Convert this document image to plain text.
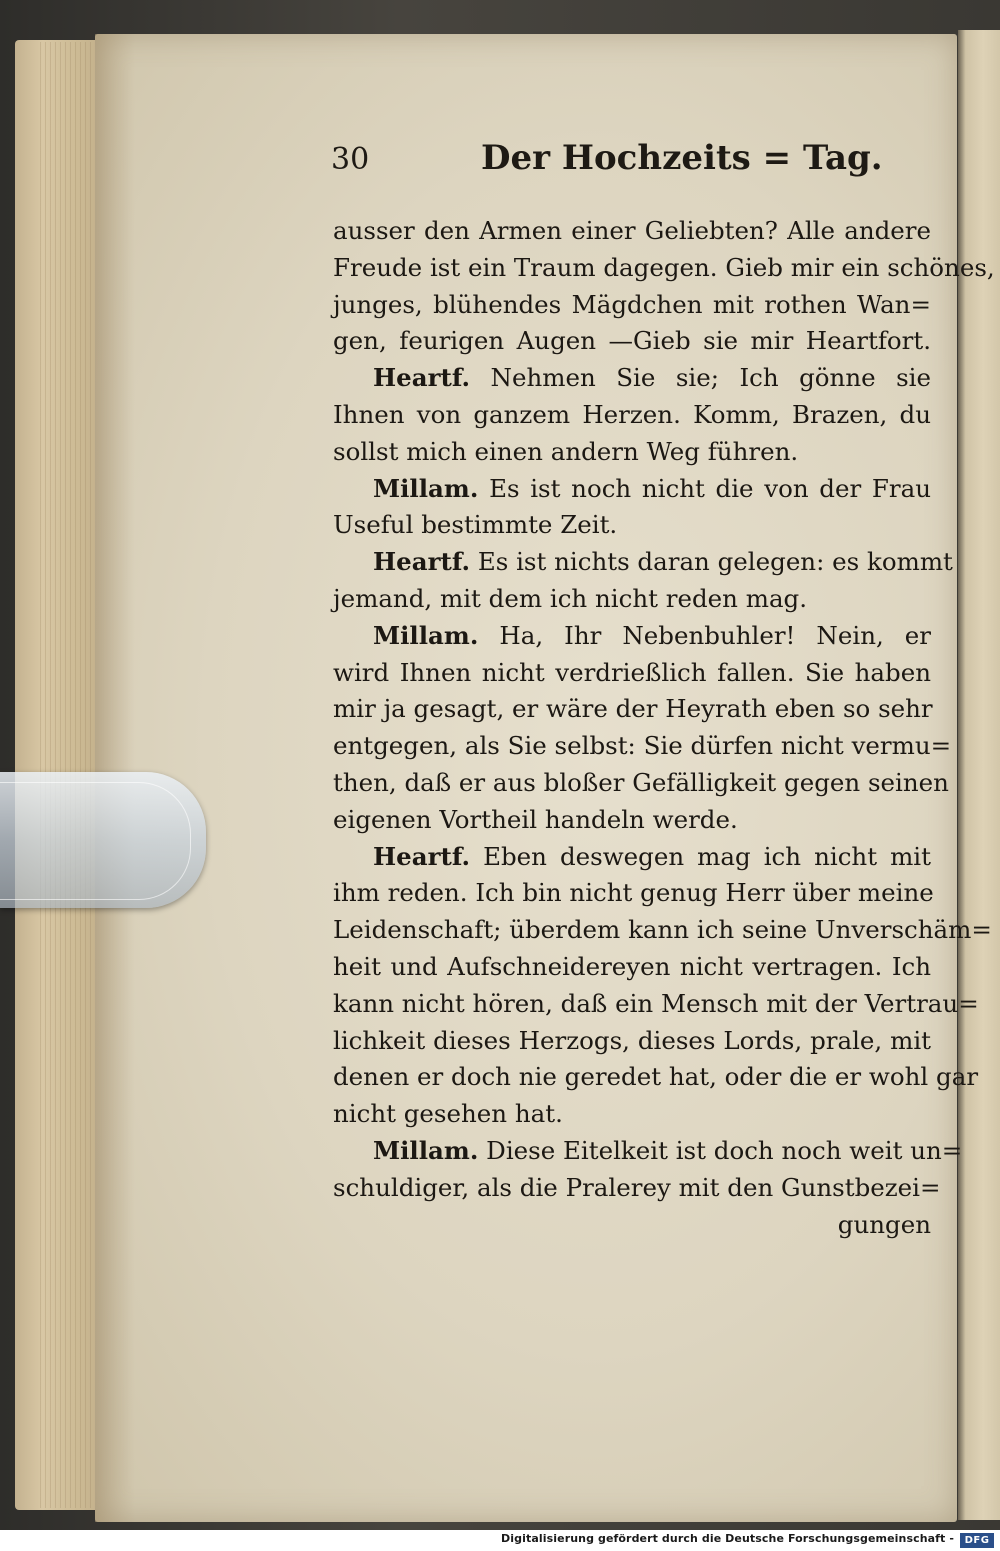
30	Der Hochzeits = Tag.
ausser den Armen einer Geliebten? Alle andere
Freude ist ein Traum dagegen. Gieb mir ein schönes,
junges, blühendes Mägdchen mit rothen Wan=
gen, feurigen Augen —Gieb sie mir Heartfort.
Heartf. Nehmen Sie sie; Ich gönne sie
Ihnen von ganzem Herzen. Komm, Brazen, du
sollst mich einen andern Weg führen.
Millam. Es ist noch nicht die von der Frau
Useful bestimmte Zeit.
Heartf. Es ist nichts daran gelegen: es kommt
jemand, mit dem ich nicht reden mag.
Millam. Ha, Ihr Nebenbuhler! Nein, er
wird Ihnen nicht verdrießlich fallen. Sie haben
mir ja gesagt, er wäre der Heyrath eben so sehr
entgegen, als Sie selbst: Sie dürfen nicht vermu=
then, daß er aus bloßer Gefälligkeit gegen seinen
eigenen Vortheil handeln werde.
Heartf. Eben deswegen mag ich nicht mit
ihm reden. Ich bin nicht genug Herr über meine
Leidenschaft; überdem kann ich seine Unverschäm=
heit und Aufschneidereyen nicht vertragen. Ich
kann nicht hören, daß ein Mensch mit der Vertrau=
lichkeit dieses Herzogs, dieses Lords, prale, mit
denen er doch nie geredet hat, oder die er wohl gar
nicht gesehen hat.
Millam. Diese Eitelkeit ist doch noch weit un=
schuldiger, als die Pralerey mit den Gunstbezei=
gungen
Digitalisierung gefördert durch die Deutsche Forschungsgemeinschaft -	DFG
